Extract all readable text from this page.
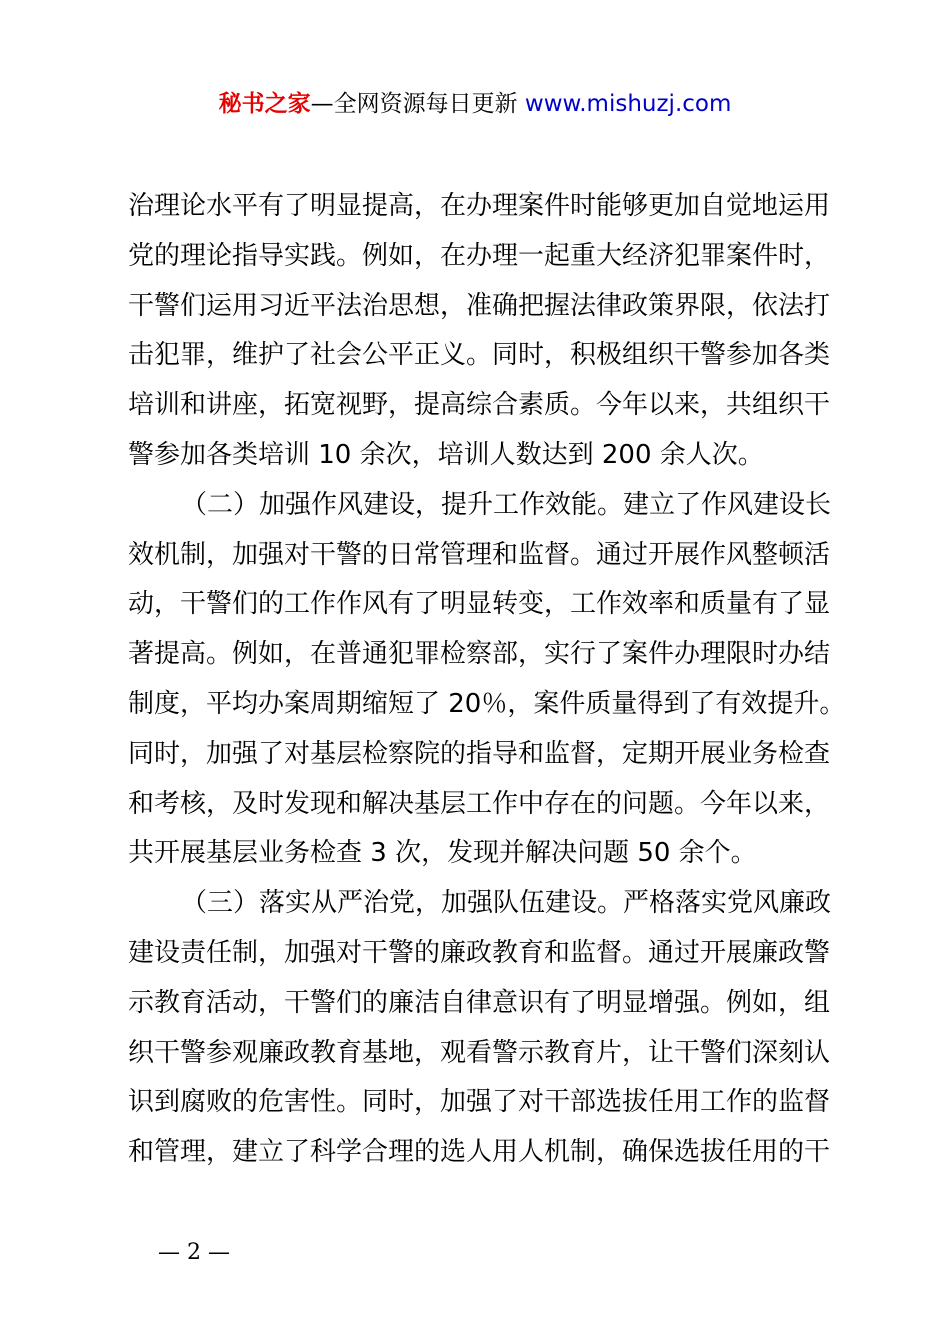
秘书之家—全网资源每日更新 www.mishuzj.com

治理论水平有了明显提高，在办理案件时能够更加自觉地运用
党的理论指导实践。例如，在办理一起重大经济犯罪案件时，
干警们运用习近平法治思想，准确把握法律政策界限，依法打
击犯罪，维护了社会公平正义。同时，积极组织干警参加各类
培训和讲座，拓宽视野，提高综合素质。今年以来，共组织干
警参加各类培训 10 余次，培训人数达到 200 余人次。

（二）加强作风建设，提升工作效能。建立了作风建设长
效机制，加强对干警的日常管理和监督。通过开展作风整顿活
动，干警们的工作作风有了明显转变，工作效率和质量有了显
著提高。例如，在普通犯罪检察部，实行了案件办理限时办结
制度，平均办案周期缩短了 20％，案件质量得到了有效提升。
同时，加强了对基层检察院的指导和监督，定期开展业务检查
和考核，及时发现和解决基层工作中存在的问题。今年以来，
共开展基层业务检查 3 次，发现并解决问题 50 余个。

（三）落实从严治党，加强队伍建设。严格落实党风廉政
建设责任制，加强对干警的廉政教育和监督。通过开展廉政警
示教育活动，干警们的廉洁自律意识有了明显增强。例如，组
织干警参观廉政教育基地，观看警示教育片，让干警们深刻认
识到腐败的危害性。同时，加强了对干部选拔任用工作的监督
和管理，建立了科学合理的选人用人机制，确保选拔任用的干

— 2 —
